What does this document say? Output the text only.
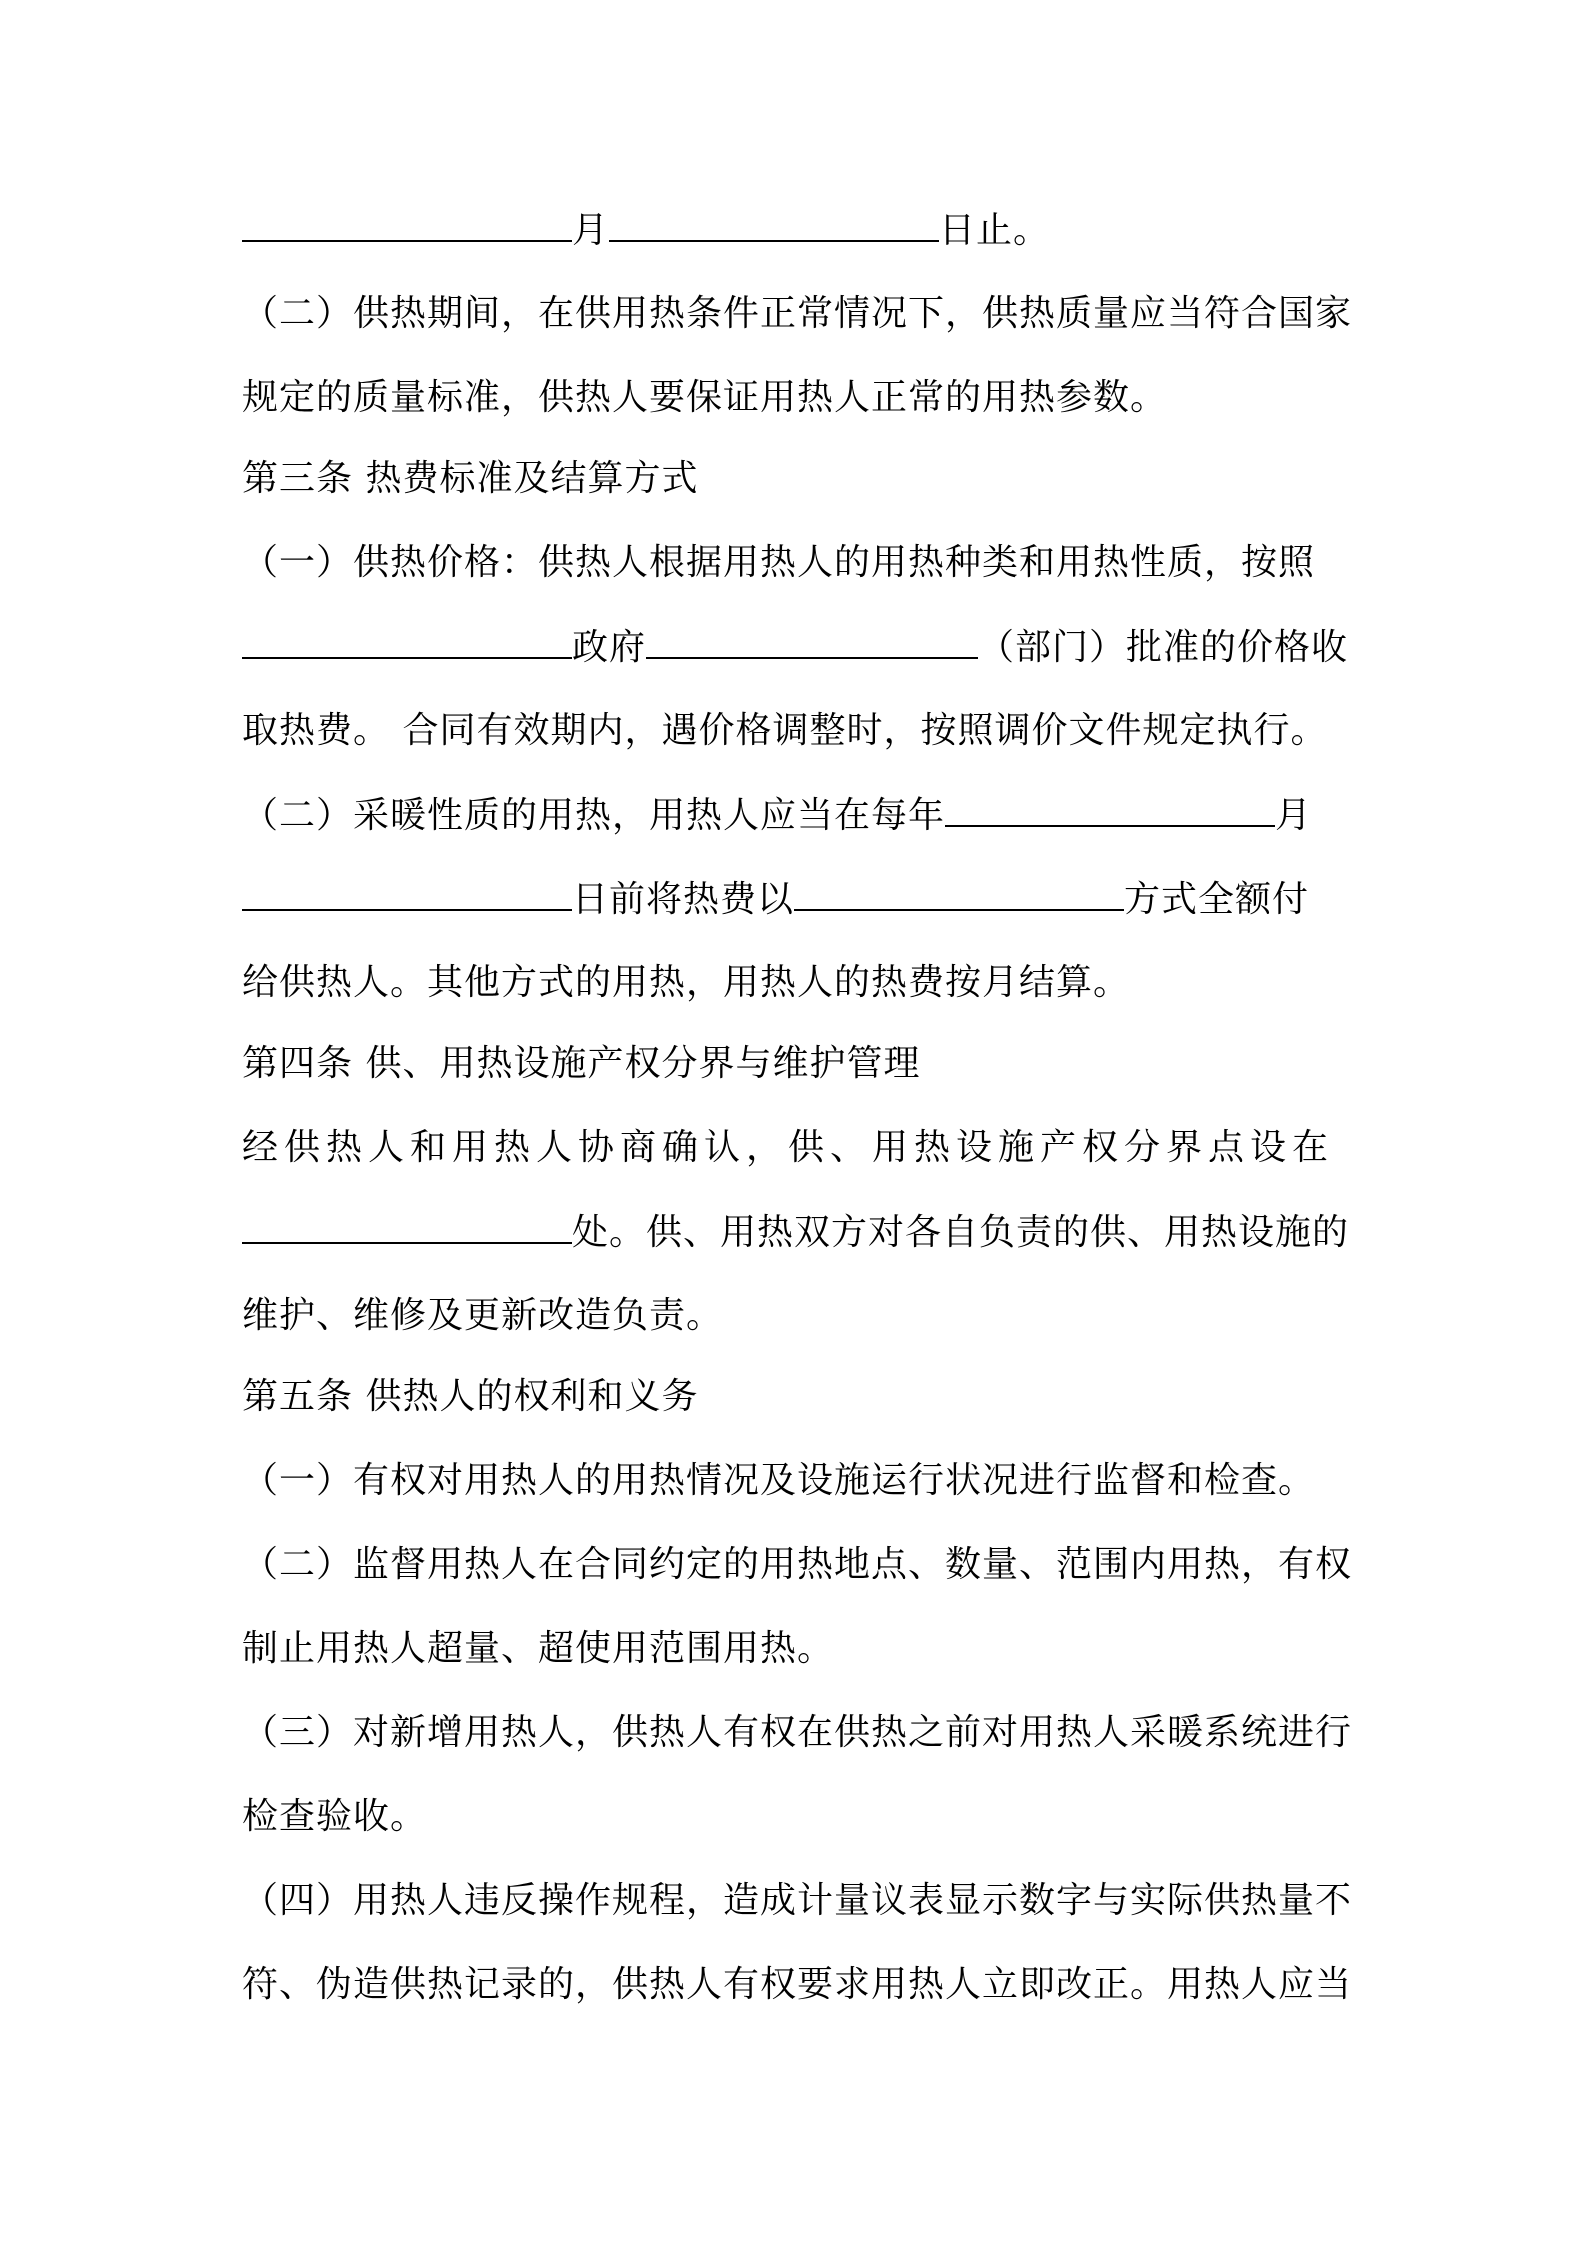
月	日止。
（二）供热期间，在供用热条件正常情况下，供热质量应当符合国家
规定的质量标准，供热人要保证用热人正常的用热参数。
第三条 热费标准及结算方式
（一）供热价格：供热人根据用热人的用热种类和用热性质，按照
政府	（部门）批准的价格收
取热费。 合同有效期内，遇价格调整时，按照调价文件规定执行。
（二）采暖性质的用热，用热人应当在每年	月
日前将热费以	方式全额付
给供热人。其他方式的用热，用热人的热费按月结算。
第四条 供、用热设施产权分界与维护管理
经供热人和用热人协商确认，供、用热设施产权分界点设在
处。供、用热双方对各自负责的供、用热设施的
维护、维修及更新改造负责。
第五条 供热人的权利和义务
（一）有权对用热人的用热情况及设施运行状况进行监督和检查。
（二）监督用热人在合同约定的用热地点、数量、范围内用热，有权
制止用热人超量、超使用范围用热。
（三）对新增用热人，供热人有权在供热之前对用热人采暖系统进行
检查验收。
（四）用热人违反操作规程，造成计量议表显示数字与实际供热量不
符、伪造供热记录的，供热人有权要求用热人立即改正。用热人应当
